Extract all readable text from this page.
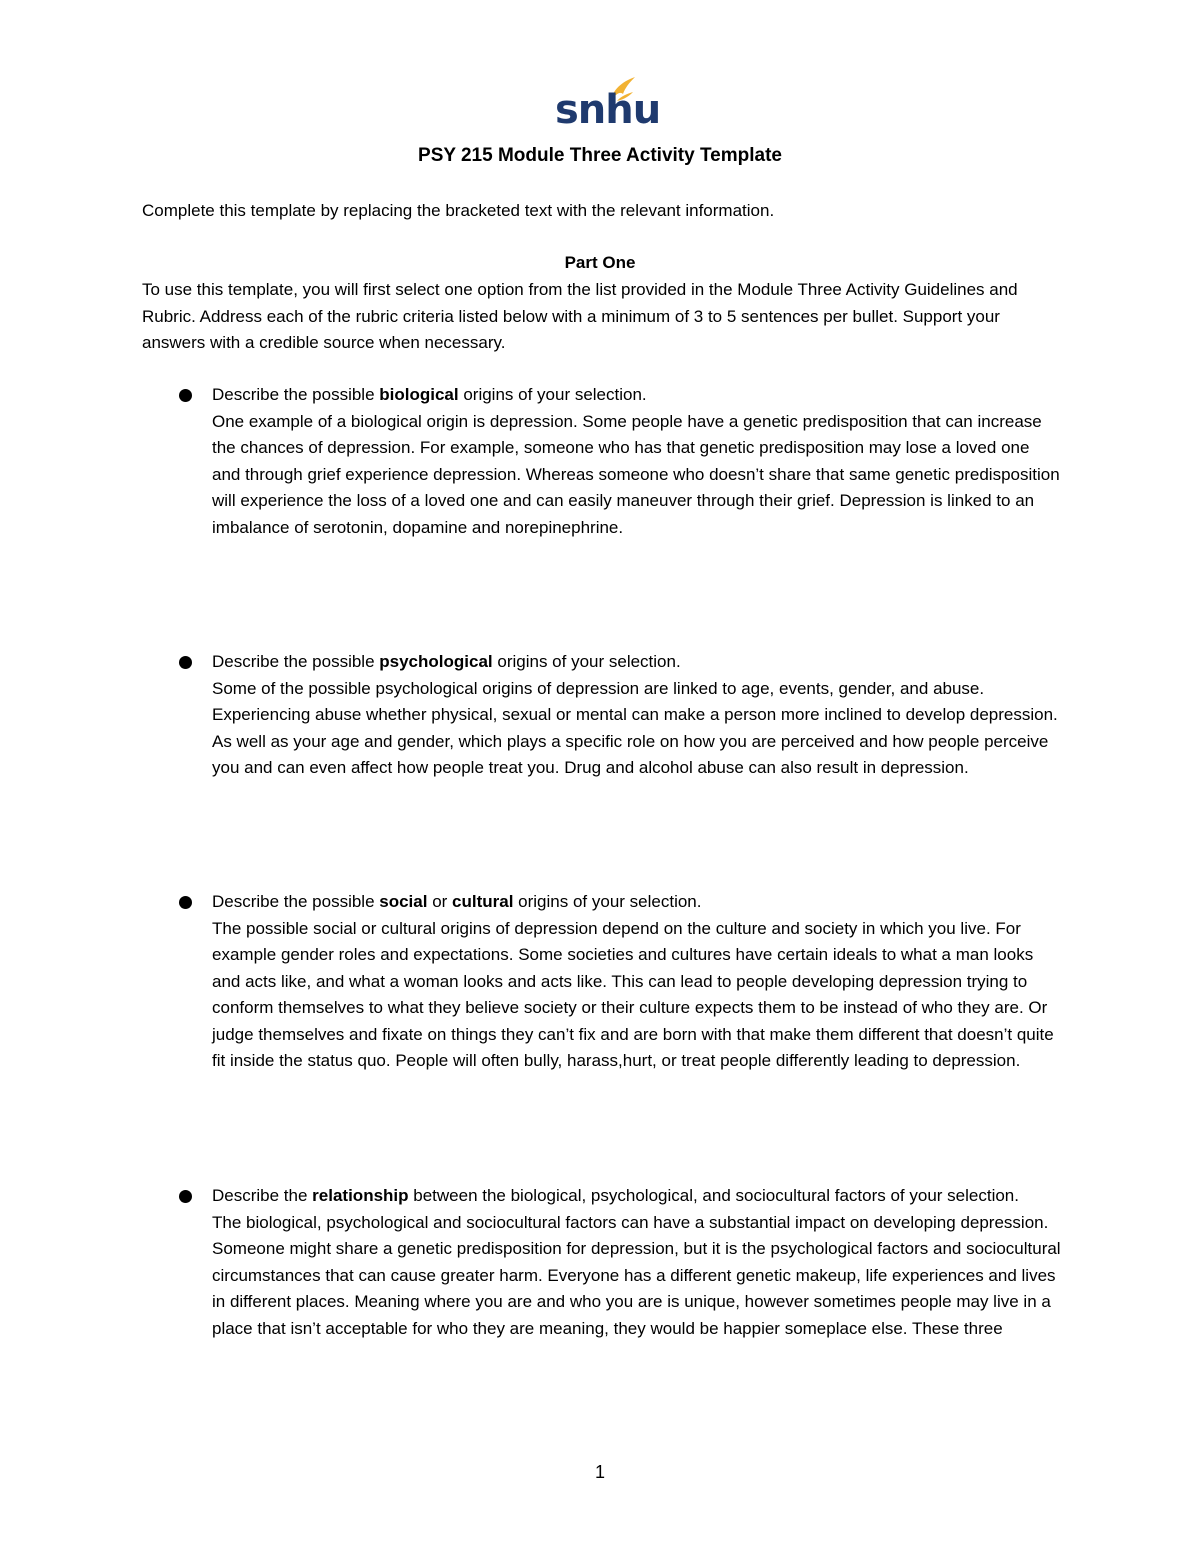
snhu
PSY 215 Module Three Activity Template
Complete this template by replacing the bracketed text with the relevant information.
Part One
To use this template, you will first select one option from the list provided in the Module Three Activity Guidelines and Rubric. Address each of the rubric criteria listed below with a minimum of 3 to 5 sentences per bullet. Support your answers with a credible source when necessary.
Describe the possible biological origins of your selection.
One example of a biological origin is depression. Some people have a genetic predisposition that can increase the chances of depression. For example, someone who has that genetic predisposition may lose a loved one and through grief experience depression. Whereas someone who doesn’t share that same genetic predisposition will experience the loss of a loved one and can easily maneuver through their grief. Depression is linked to an imbalance of serotonin, dopamine and norepinephrine.
Describe the possible psychological origins of your selection.
Some of the possible psychological origins of depression are linked to age, events, gender, and abuse. Experiencing abuse whether physical, sexual or mental can make a person more inclined to develop depression. As well as your age and gender, which plays a specific role on how you are perceived and how people perceive you and can even affect how people treat you. Drug and alcohol abuse can also result in depression.
Describe the possible social or cultural origins of your selection.
The possible social or cultural origins of depression depend on the culture and society in which you live. For example gender roles and expectations. Some societies and cultures have certain ideals to what a man looks and acts like, and what a woman looks and acts like. This can lead to people developing depression trying to conform themselves to what they believe society or their culture expects them to be instead of who they are. Or judge themselves and fixate on things they can’t fix and are born with that make them different that doesn’t quite fit inside the status quo. People will often bully, harass,hurt, or treat people differently leading to depression.
Describe the relationship between the biological, psychological, and sociocultural factors of your selection.
The biological, psychological and sociocultural factors can have a substantial impact on developing depression. Someone might share a genetic predisposition for depression, but it is the psychological factors and sociocultural circumstances that can cause greater harm. Everyone has a different genetic makeup, life experiences and lives in different places. Meaning where you are and who you are is unique, however sometimes people may live in a place that isn’t acceptable for who they are meaning, they would be happier someplace else. These three
1
